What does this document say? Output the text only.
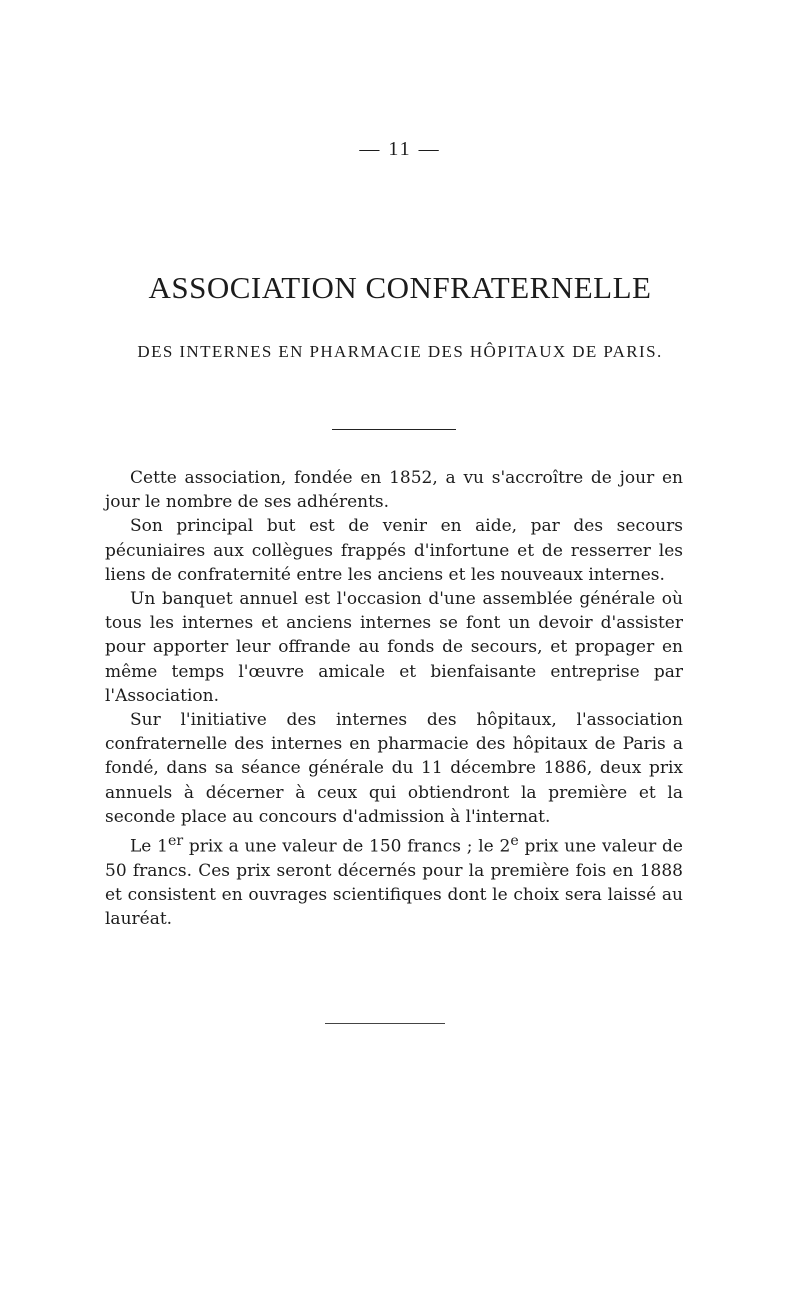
— 11 —
ASSOCIATION CONFRATERNELLE
DES INTERNES EN PHARMACIE DES HÔPITAUX DE PARIS.

Cette association, fondée en 1852, a vu s'accroître de jour en jour le nombre de ses adhérents.

Son principal but est de venir en aide, par des secours pécuniaires aux collègues frappés d'infortune et de resserrer les liens de confraternité entre les anciens et les nouveaux internes.

Un banquet annuel est l'occasion d'une assemblée générale où tous les internes et anciens internes se font un devoir d'assister pour apporter leur offrande au fonds de secours, et propager en même temps l'œuvre amicale et bienfaisante entreprise par l'Association.

Sur l'initiative des internes des hôpitaux, l'association confraternelle des internes en pharmacie des hôpitaux de Paris a fondé, dans sa séance générale du 11 décembre 1886, deux prix annuels à décerner à ceux qui obtiendront la première et la seconde place au concours d'admission à l'internat.

Le 1er prix a une valeur de 150 francs ; le 2e prix une valeur de 50 francs. Ces prix seront décernés pour la première fois en 1888 et consistent en ouvrages scientifiques dont le choix sera laissé au lauréat.
